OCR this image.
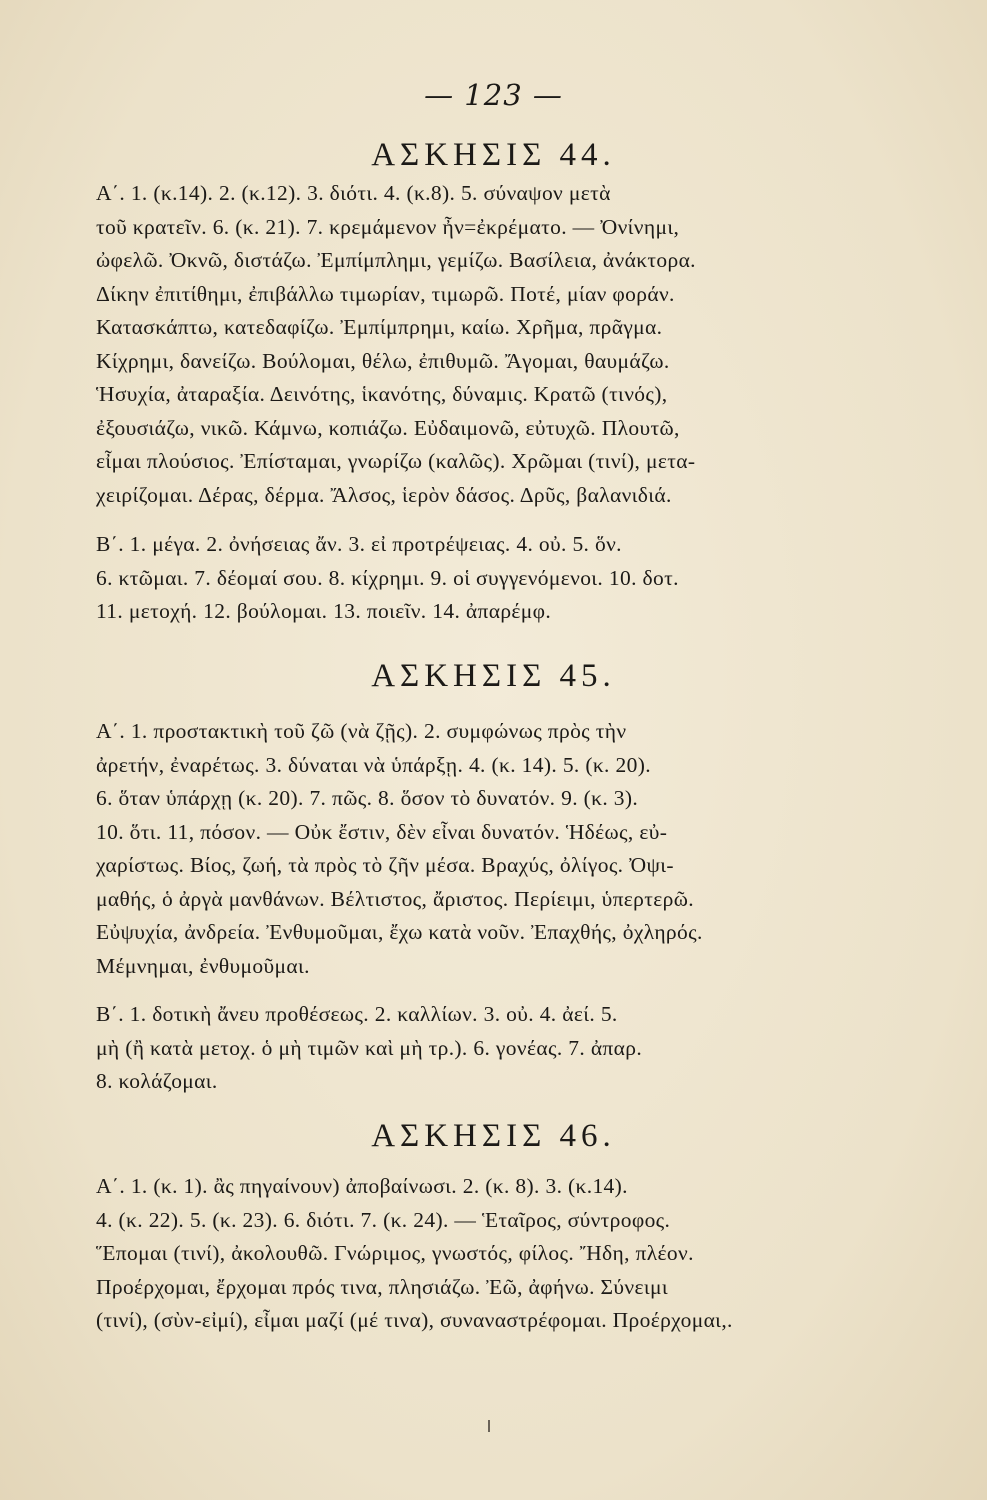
— 123 —
ΑΣΚΗΣΙΣ 44.
Α΄. 1. (κ.14). 2. (κ.12). 3. διότι. 4. (κ.8). 5. σύναψον μετὰ
τοῦ κρατεῖν. 6. (κ. 21). 7. κρεμάμενον ἦν=ἐκρέματο. — Ὀνίνημι,
ὠφελῶ. Ὀκνῶ, διστάζω. Ἐμπίμπλημι, γεμίζω. Βασίλεια, ἀνάκτορα.
Δίκην ἐπιτίθημι, ἐπιβάλλω τιμωρίαν, τιμωρῶ. Ποτέ, μίαν φοράν.
Κατασκάπτω, κατεδαφίζω. Ἐμπίμπρημι, καίω. Χρῆμα, πρᾶγμα.
Κίχρημι, δανείζω. Βούλομαι, θέλω, ἐπιθυμῶ. Ἄγομαι, θαυμάζω.
Ἡσυχία, ἀταραξία. Δεινότης, ἱκανότης, δύναμις. Κρατῶ (τινός),
ἐξουσιάζω, νικῶ. Κάμνω, κοπιάζω. Εὐδαιμονῶ, εὐτυχῶ. Πλουτῶ,
εἶμαι πλούσιος. Ἐπίσταμαι, γνωρίζω (καλῶς). Χρῶμαι (τινί), μετα-
χειρίζομαι. Δέρας, δέρμα. Ἄλσος, ἱερὸν δάσος. Δρῦς, βαλανιδιά.
Β΄. 1. μέγα. 2. ὀνήσειας ἄν. 3. εἰ προτρέψειας. 4. οὐ. 5. ὅν.
6. κτῶμαι. 7. δέομαί σου. 8. κίχρημι. 9. οἱ συγγενόμενοι. 10. δοτ.
11. μετοχή. 12. βούλομαι. 13. ποιεῖν. 14. ἀπαρέμφ.
ΑΣΚΗΣΙΣ 45.
Α΄. 1. προστακτικὴ τοῦ ζῶ (νὰ ζῇς). 2. συμφώνως πρὸς τὴν
ἀρετήν, ἐναρέτως. 3. δύναται νὰ ὑπάρξῃ. 4. (κ. 14). 5. (κ. 20).
6. ὅταν ὑπάρχῃ (κ. 20). 7. πῶς. 8. ὅσον τὸ δυνατόν. 9. (κ. 3).
10. ὅτι. 11, πόσον. — Οὐκ ἔστιν, δὲν εἶναι δυνατόν. Ἡδέως, εὐ-
χαρίστως. Βίος, ζωή, τὰ πρὸς τὸ ζῆν μέσα. Βραχύς, ὀλίγος. Ὀψι-
μαθής, ὁ ἀργὰ μανθάνων. Βέλτιστος, ἄριστος. Περίειμι, ὑπερτερῶ.
Εὐψυχία, ἀνδρεία. Ἐνθυμοῦμαι, ἔχω κατὰ νοῦν. Ἐπαχθής, ὀχληρός.
Μέμνημαι, ἐνθυμοῦμαι.
Β΄. 1. δοτικὴ ἄνευ προθέσεως. 2. καλλίων. 3. οὐ. 4. ἀεί. 5.
μὴ (ἢ κατὰ μετοχ. ὁ μὴ τιμῶν καὶ μὴ τρ.). 6. γονέας. 7. ἀπαρ.
8. κολάζομαι.
ΑΣΚΗΣΙΣ 46.
Α΄. 1. (κ. 1). ἂς πηγαίνουν) ἀποβαίνωσι. 2. (κ. 8). 3. (κ.14).
4. (κ. 22). 5. (κ. 23). 6. διότι. 7. (κ. 24). — Ἑταῖρος, σύντροφος.
Ἕπομαι (τινί), ἀκολουθῶ. Γνώριμος, γνωστός, φίλος. Ἤδη, πλέον.
Προέρχομαι, ἔρχομαι πρός τινα, πλησιάζω. Ἐῶ, ἀφήνω. Σύνειμι
(τινί), (σὺν-εἰμί), εἶμαι μαζί (μέ τινα), συναναστρέφομαι. Προέρχομαι,.
